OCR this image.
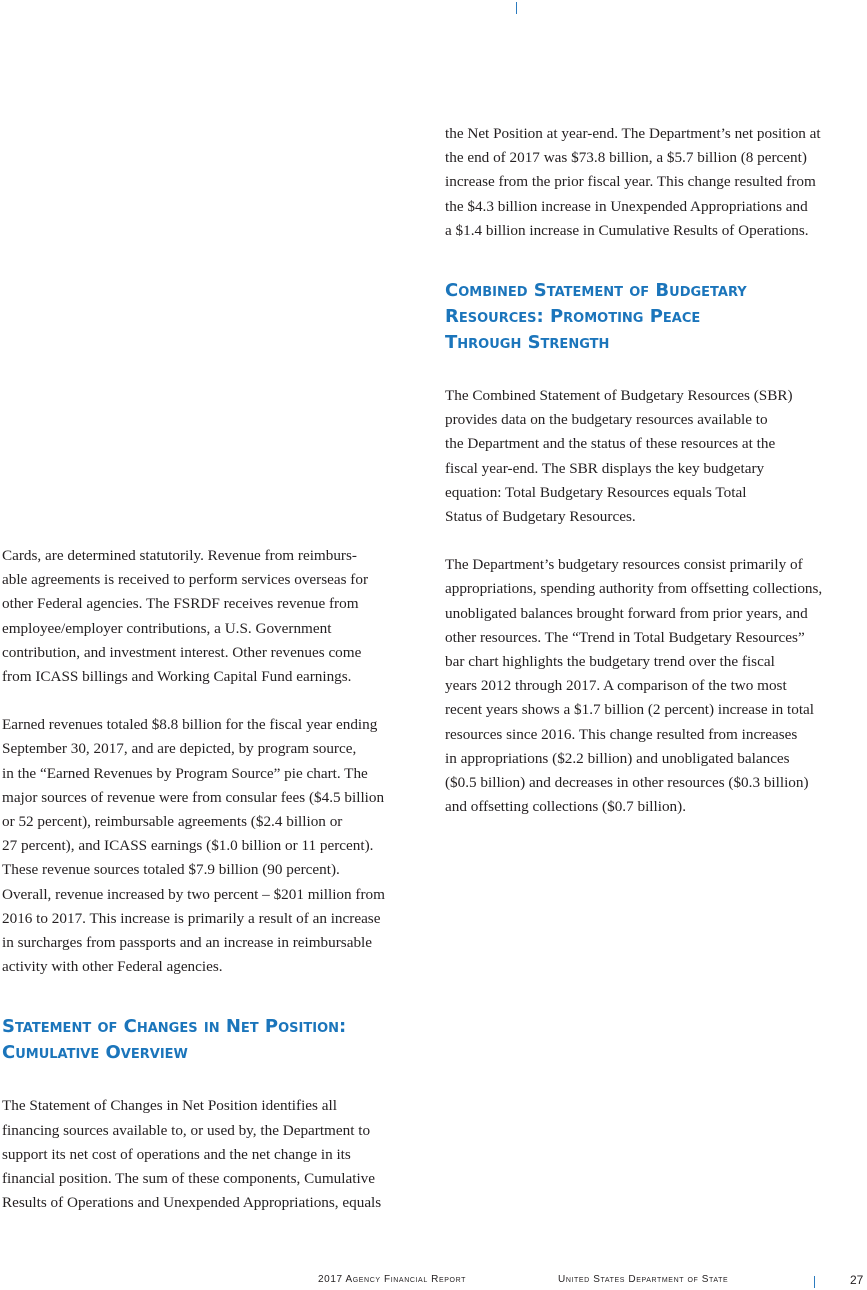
the Net Position at year-end. The Department’s net position at
the end of 2017 was $73.8 billion, a $5.7 billion (8 percent)
increase from the prior fiscal year. This change resulted from
the $4.3 billion increase in Unexpended Appropriations and
a $1.4 billion increase in Cumulative Results of Operations.

Combined Statement of Budgetary
Resources: Promoting Peace
Through Strength

The Combined Statement of Budgetary Resources (SBR)
provides data on the budgetary resources available to
the Department and the status of these resources at the
fiscal year-end. The SBR displays the key budgetary
equation: Total Budgetary Resources equals Total
Status of Budgetary Resources.

The Department’s budgetary resources consist primarily of
appropriations, spending authority from offsetting collections,
unobligated balances brought forward from prior years, and
other resources. The “Trend in Total Budgetary Resources”
bar chart highlights the budgetary trend over the fiscal
years 2012 through 2017. A comparison of the two most
recent years shows a $1.7 billion (2 percent) increase in total
resources since 2016. This change resulted from increases
in appropriations ($2.2 billion) and unobligated balances
($0.5 billion) and decreases in other resources ($0.3 billion)
and offsetting collections ($0.7 billion).

Cards, are determined statutorily. Revenue from reimburs-
able agreements is received to perform services overseas for
other Federal agencies. The FSRDF receives revenue from
employee/employer contributions, a U.S. Government
contribution, and investment interest. Other revenues come
from ICASS billings and Working Capital Fund earnings.

Earned revenues totaled $8.8 billion for the fiscal year ending
September 30, 2017, and are depicted, by program source,
in the “Earned Revenues by Program Source” pie chart. The
major sources of revenue were from consular fees ($4.5 billion
or 52 percent), reimbursable agreements ($2.4 billion or
27 percent), and ICASS earnings ($1.0 billion or 11 percent).
These revenue sources totaled $7.9 billion (90 percent).
Overall, revenue increased by two percent – $201 million from
2016 to 2017. This increase is primarily a result of an increase
in surcharges from passports and an increase in reimbursable
activity with other Federal agencies.

Statement of Changes in Net Position:
Cumulative Overview

The Statement of Changes in Net Position identifies all
financing sources available to, or used by, the Department to
support its net cost of operations and the net change in its
financial position. The sum of these components, Cumulative
Results of Operations and Unexpended Appropriations, equals

2017 Agency Financial Report	United States Department of State	27
